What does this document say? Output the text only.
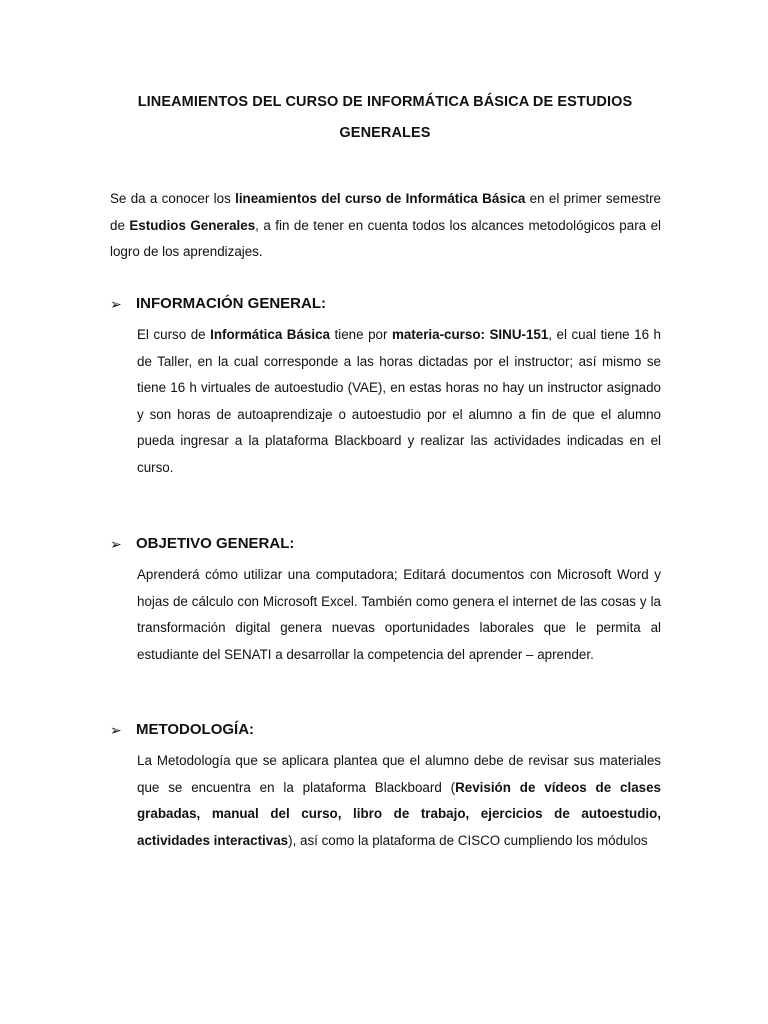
LINEAMIENTOS DEL CURSO DE INFORMÁTICA BÁSICA DE ESTUDIOS
GENERALES
Se da a conocer los lineamientos del curso de Informática Básica en el primer semestre de Estudios Generales, a fin de tener en cuenta todos los alcances metodológicos para el logro de los aprendizajes.
➢ INFORMACIÓN GENERAL:
El curso de Informática Básica tiene por materia-curso: SINU-151, el cual tiene 16 h de Taller, en la cual corresponde a las horas dictadas por el instructor; así mismo se tiene 16 h virtuales de autoestudio (VAE), en estas horas no hay un instructor asignado y son horas de autoaprendizaje o autoestudio por el alumno a fin de que el alumno pueda ingresar a la plataforma Blackboard y realizar las actividades indicadas en el curso.
➢ OBJETIVO GENERAL:
Aprenderá cómo utilizar una computadora; Editará documentos con Microsoft Word y hojas de cálculo con Microsoft Excel. También como genera el internet de las cosas y la transformación digital genera nuevas oportunidades laborales que le permita al estudiante del SENATI a desarrollar la competencia del aprender – aprender.
➢ METODOLOGÍA:
La Metodología que se aplicara plantea que el alumno debe de revisar sus materiales que se encuentra en la plataforma Blackboard (Revisión de vídeos de clases grabadas, manual del curso, libro de trabajo, ejercicios de autoestudio, actividades interactivas), así como la plataforma de CISCO cumpliendo los módulos
